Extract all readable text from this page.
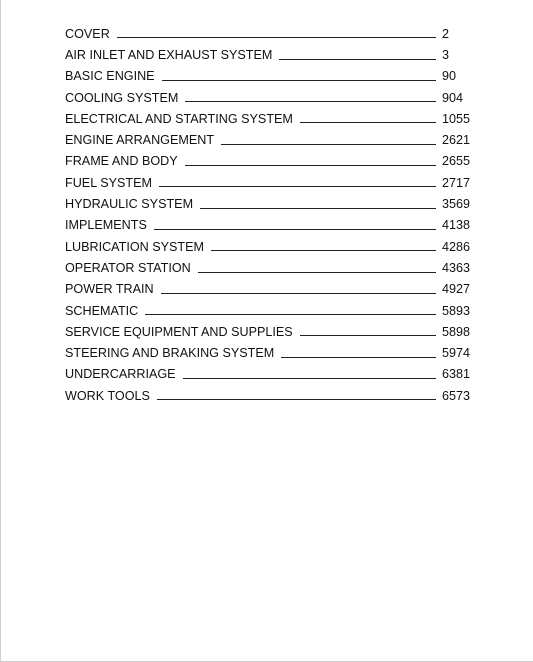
COVER	2
AIR INLET AND EXHAUST SYSTEM	3
BASIC ENGINE	90
COOLING SYSTEM	904
ELECTRICAL AND STARTING SYSTEM	1055
ENGINE ARRANGEMENT	2621
FRAME AND BODY	2655
FUEL SYSTEM	2717
HYDRAULIC SYSTEM	3569
IMPLEMENTS	4138
LUBRICATION SYSTEM	4286
OPERATOR STATION	4363
POWER TRAIN	4927
SCHEMATIC	5893
SERVICE EQUIPMENT AND SUPPLIES	5898
STEERING AND BRAKING SYSTEM	5974
UNDERCARRIAGE	6381
WORK TOOLS	6573
